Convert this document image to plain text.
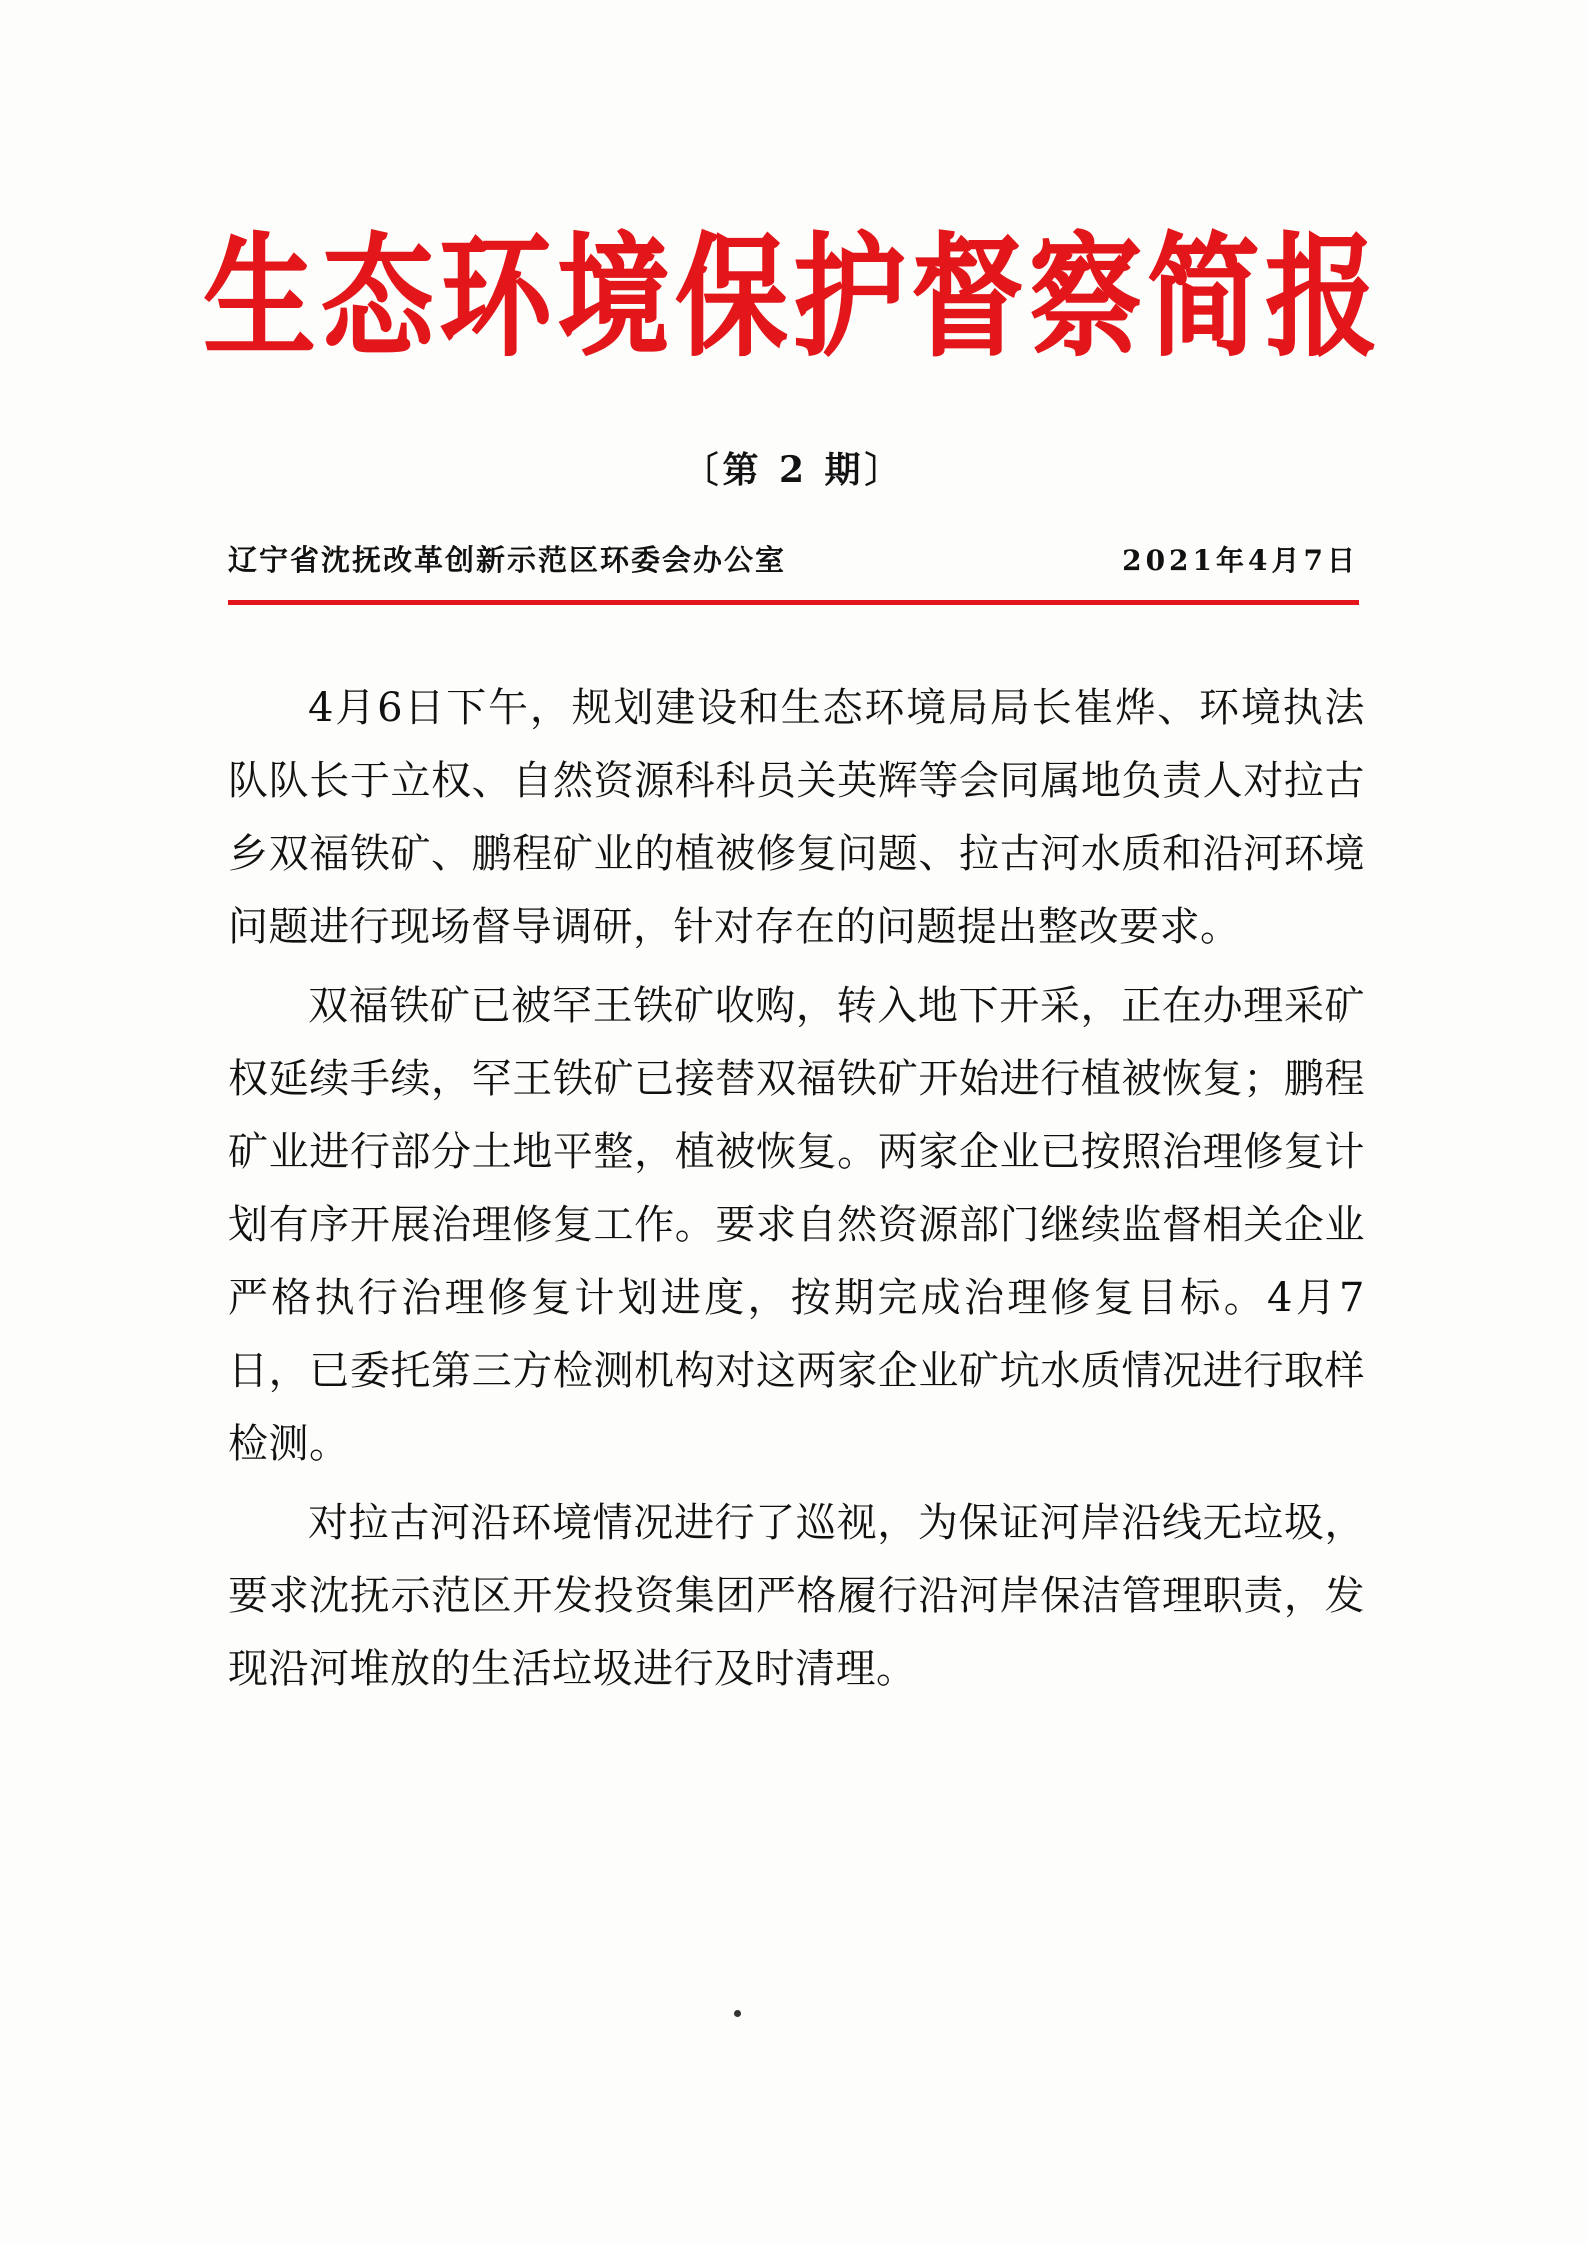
生态环境保护督察简报
〔第 2 期〕
辽宁省沈抚改革创新示范区环委会办公室	2021年4月7日

4月6日下午，规划建设和生态环境局局长崔烨、环境执法队队长于立权、自然资源科科员关英辉等会同属地负责人对拉古乡双福铁矿、鹏程矿业的植被修复问题、拉古河水质和沿河环境问题进行现场督导调研，针对存在的问题提出整改要求。

双福铁矿已被罕王铁矿收购，转入地下开采，正在办理采矿权延续手续，罕王铁矿已接替双福铁矿开始进行植被恢复；鹏程矿业进行部分土地平整，植被恢复。两家企业已按照治理修复计划有序开展治理修复工作。要求自然资源部门继续监督相关企业严格执行治理修复计划进度，按期完成治理修复目标。4月7日，已委托第三方检测机构对这两家企业矿坑水质情况进行取样检测。

对拉古河沿环境情况进行了巡视，为保证河岸沿线无垃圾，要求沈抚示范区开发投资集团严格履行沿河岸保洁管理职责，发现沿河堆放的生活垃圾进行及时清理。
